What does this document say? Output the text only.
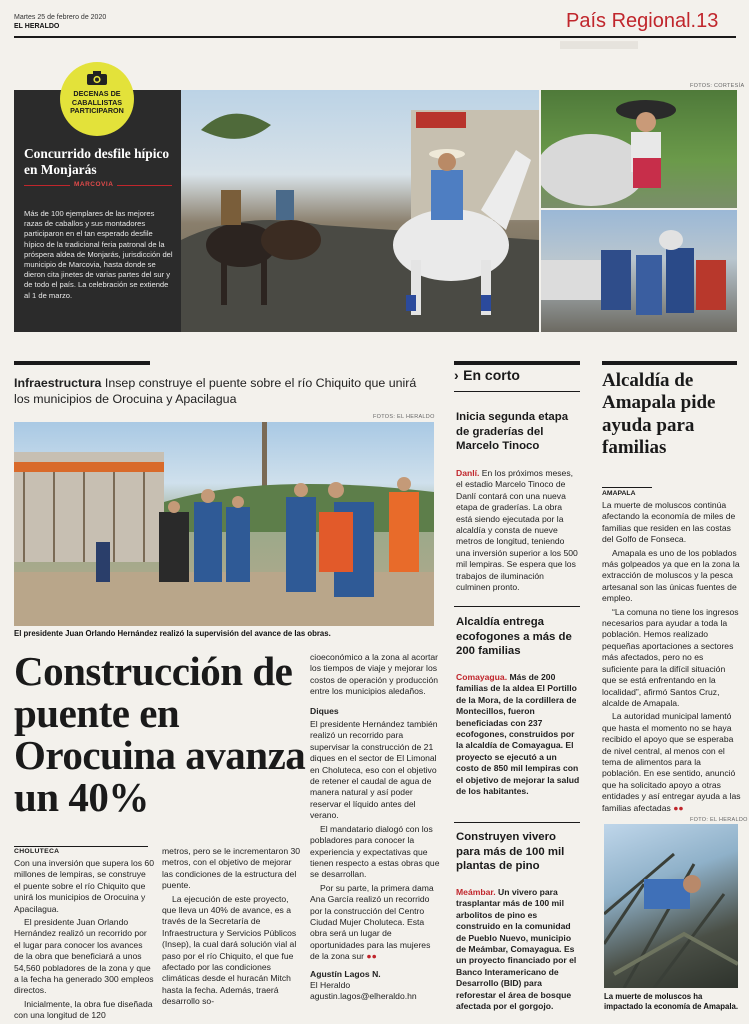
Martes 25 de febrero de 2020
EL HERALDO	País Regional.13
▬▬▬
DECENAS DE CABALLISTAS PARTICIPARON
Concurrido desfile hípico en Monjarás
MARCOVIA
Más de 100 ejemplares de las mejores razas de caballos y sus montadores participaron en el tan esperado desfile hípico de la tradicional feria patronal de la próspera aldea de Monjarás, jurisdicción del municipio de Marcovia, hasta donde se dieron cita jinetes de varias partes del sur y de todo el país. La celebración se extiende al 1 de marzo.
FOTOS: CORTESÍA
Infraestructura Insep construye el puente sobre el río Chiquito que unirá los municipios de Orocuina y Apacilagua
FOTOS: EL HERALDO
El presidente Juan Orlando Hernández realizó la supervisión del avance de las obras.
Construcción de puente en Orocuina avanza un 40%
CHOLUTECA

Con una inversión que supera los 60 millones de lempiras, se construye el puente sobre el río Chiquito que unirá los municipios de Orocuina y Apacilagua.

El presidente Juan Orlando Hernández realizó un recorrido por el lugar para conocer los avances de la obra que beneficiará a unos 54,560 pobladores de la zona y que a la fecha ha generado 300 empleos directos.

Inicialmente, la obra fue diseñada con una longitud de 120

metros, pero se le incrementaron 30 metros, con el objetivo de mejorar las condiciones de la estructura del puente.

La ejecución de este proyecto, que lleva un 40% de avance, es a través de la Secretaría de Infraestructura y Servicios Públicos (Insep), la cual dará solución vial al paso por el río Chiquito, el que fue afectado por las condiciones climáticas desde el huracán Mitch hasta la fecha. Además, traerá desarrollo so-

cioeconómico a la zona al acortar los tiempos de viaje y mejorar los costos de operación y producción entre los municipios aledaños.

Diques

El presidente Hernández también realizó un recorrido para supervisar la construcción de 21 diques en el sector de El Limonal en Choluteca, eso con el objetivo de retener el caudal de agua de manera natural y así poder reservar el líquido antes del verano.

El mandatario dialogó con los pobladores para conocer la experiencia y expectativas que tienen respecto a estas obras que se desarrollan.

Por su parte, la primera dama Ana García realizó un recorrido por la construcción del Centro Ciudad Mujer Choluteca. Esta obra será un lugar de oportunidades para las mujeres de la zona sur ●●

Agustín Lagos N.
El Heraldo
agustin.lagos@elheraldo.hn
› En corto
Inicia segunda etapa de graderías del Marcelo Tinoco
Danlí. En los próximos meses, el estadio Marcelo Tinoco de Danlí contará con una nueva etapa de graderías. La obra está siendo ejecutada por la alcaldía y consta de nueve metros de longitud, teniendo una inversión superior a los 500 mil lempiras. Se espera que los trabajos de iluminación culminen pronto.
Alcaldía entrega ecofogones a más de 200 familias
Comayagua. Más de 200 familias de la aldea El Portillo de la Mora, de la cordillera de Montecillos, fueron beneficiadas con 237 ecofogones, construidos por la alcaldía de Comayagua. El proyecto se ejecutó a un costo de 850 mil lempiras con el objetivo de mejorar la salud de los habitantes.
Construyen vivero para más de 100 mil plantas de pino
Meámbar. Un vivero para trasplantar más de 100 mil arbolitos de pino es construido en la comunidad de Pueblo Nuevo, municipio de Meámbar, Comayagua. Es un proyecto financiado por el Banco Interamericano de Desarrollo (BID) para reforestar el área de bosque afectada por el gorgojo.
Alcaldía de Amapala pide ayuda para familias
AMAPALA

La muerte de moluscos continúa afectando la economía de miles de familias que residen en las costas del Golfo de Fonseca.

Amapala es uno de los poblados más golpeados ya que en la zona la extracción de moluscos y la pesca artesanal son las únicas fuentes de empleo.

“La comuna no tiene los ingresos necesarios para ayudar a toda la población. Hemos realizado pequeñas aportaciones a sectores más afectados, pero no es suficiente para la difícil situación que se está enfrentando en la localidad”, afirmó Santos Cruz, alcalde de Amapala.

La autoridad municipal lamentó que hasta el momento no se haya recibido el apoyo que se esperaba de nivel central, al menos con el tema de alimentos para la población. En ese sentido, anunció que ha solicitado apoyo a otras entidades y así entregar ayuda a las familias afectadas ●●

FOTO: EL HERALDO
La muerte de moluscos ha impactado la economía de Amapala.
